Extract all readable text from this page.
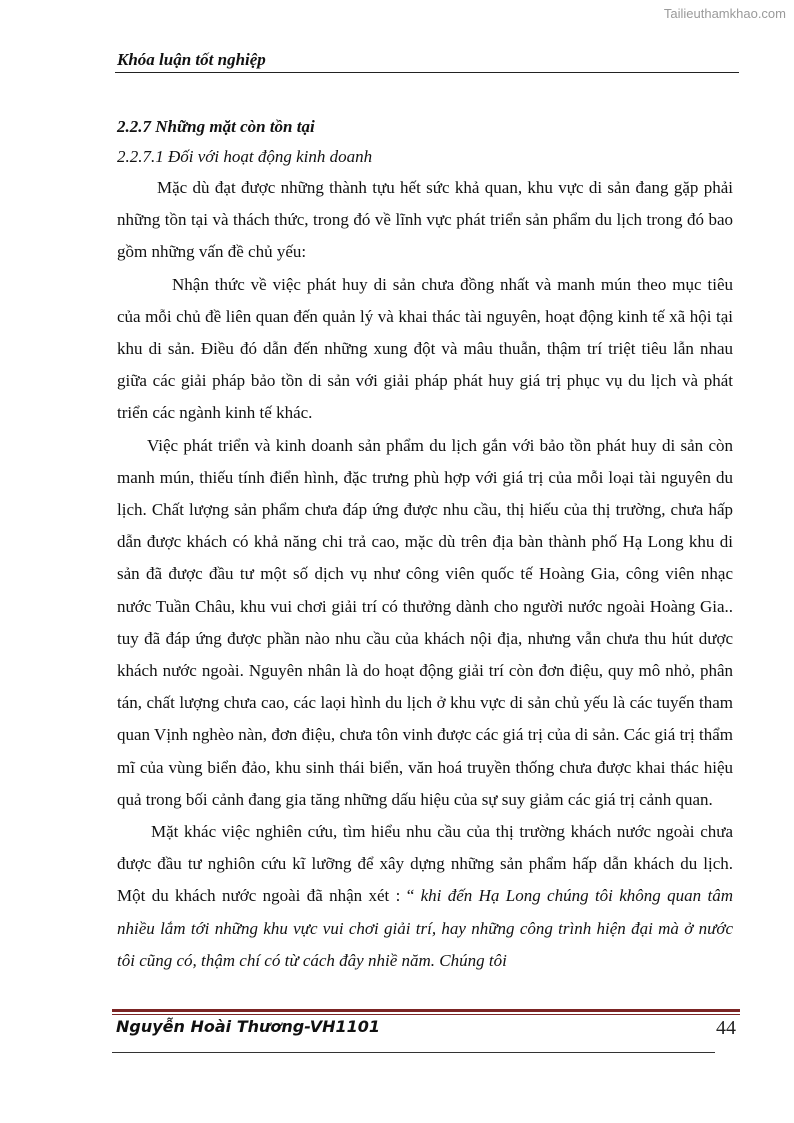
Tailieuthamkhao.com
Khóa luận tốt nghiệp

2.2.7 Những mặt còn tồn tại

2.2.7.1 Đối với hoạt động kinh doanh

Mặc dù đạt được những thành tựu hết sức khả quan, khu vực di sản đang gặp phải những tồn tại và thách thức, trong đó về lĩnh vực phát triển sản phẩm du lịch trong đó bao gồm những vấn đề chủ yếu:

Nhận thức về việc phát huy di sản chưa đồng nhất và manh mún theo mục tiêu của mỗi chủ đề liên quan đến quản lý và khai thác tài nguyên, hoạt động kinh tế xã hội tại khu di sản. Điều đó dẫn đến những xung đột và mâu thuẫn, thậm trí triệt tiêu lẫn nhau giữa các giải pháp bảo tồn di sản với giải pháp phát huy giá trị phục vụ du lịch và phát triển các ngành kinh tế khác.

Việc phát triển và kinh doanh sản phẩm du lịch gắn với bảo tồn phát huy di sản còn manh mún, thiếu tính điển hình, đặc trưng phù hợp với giá trị của mỗi loại tài nguyên du lịch. Chất lượng sản phẩm chưa đáp ứng được nhu cầu, thị hiếu của thị trường, chưa hấp dẫn được khách có khả năng chi trả cao, mặc dù trên địa bàn thành phố Hạ Long khu di sản đã được đầu tư một số dịch vụ như công viên quốc tế Hoàng Gia, công viên nhạc nước Tuần Châu, khu vui chơi giải trí có thưởng dành cho người nước ngoài Hoàng Gia.. tuy đã đáp ứng được phần nào nhu cầu của khách nội địa, nhưng vẫn chưa thu hút dược khách nước ngoài. Nguyên nhân là do hoạt động giải trí còn đơn điệu, quy mô nhỏ, phân tán, chất lượng chưa cao, các laọi hình du lịch ở khu vực di sản chủ yếu là các tuyến tham quan Vịnh nghèo nàn, đơn điệu, chưa tôn vinh được các giá trị của di sản. Các giá trị thẩm mĩ của vùng biển đảo, khu sinh thái biển, văn hoá truyền thống chưa được khai thác hiệu quả trong bối cảnh đang gia tăng những dấu hiệu của sự suy giảm các giá trị cảnh quan.

Mặt khác việc nghiên cứu, tìm hiểu nhu cầu của thị trường khách nước ngoài chưa được đầu tư nghiôn cứu kĩ lưỡng để xây dựng những sản phẩm hấp dẫn khách du lịch. Một du khách nước ngoài đã nhận xét : “ khi đến Hạ Long chúng tôi không quan tâm nhiều lắm tới những khu vực vui chơi giải trí, hay những công trình hiện đại mà ở nước tôi cũng có, thậm chí có từ cách đây nhiề năm. Chúng tôi

Nguyễn Hoài Thương-VH1101	44
